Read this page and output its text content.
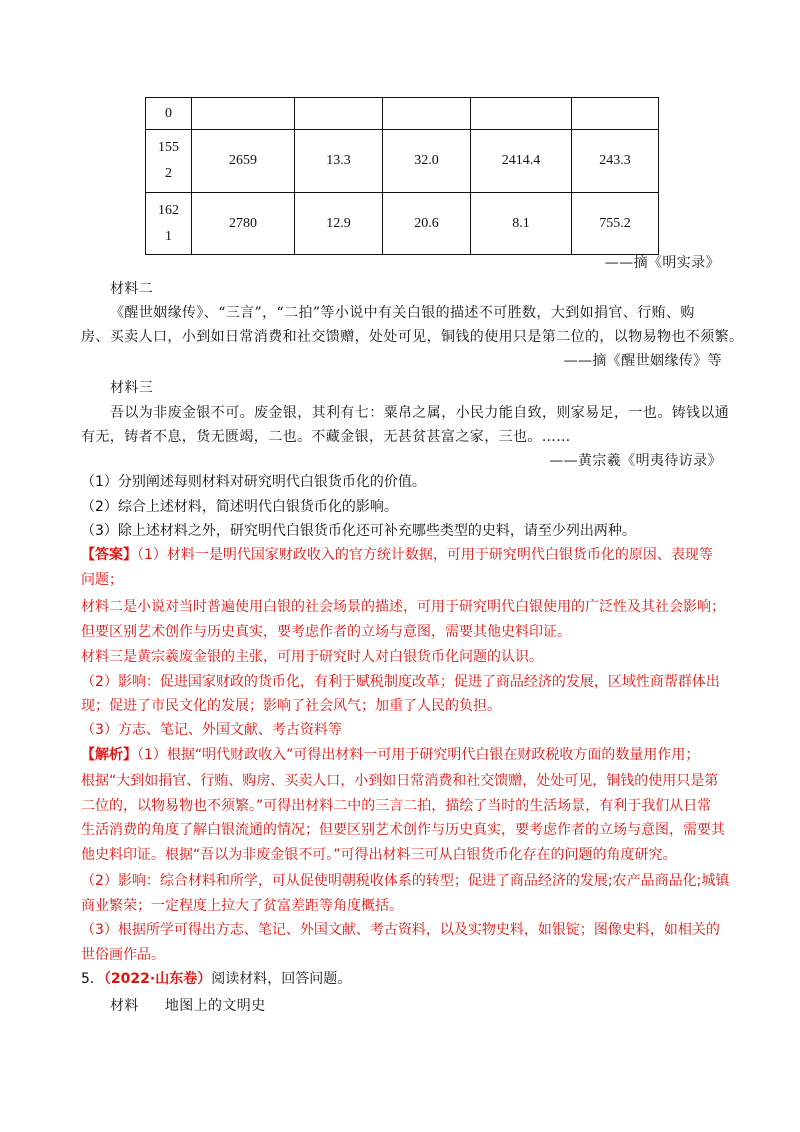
0					

155
2	2659	13.3	32.0	2414.4	243.3

162
1	2780	12.9	20.6	8.1	755.2
——摘《明实录》
材料二
《醒世姻缘传》、“三言”，“二拍”等小说中有关白银的描述不可胜数，大到如捐官、行贿、购
房、买卖人口，小到如日常消费和社交馈赠，处处可见，铜钱的使用只是第二位的，以物易物也不须繁。
——摘《醒世姻缘传》等
材料三
吾以为非废金银不可。废金银，其利有七：粟帛之属，小民力能自致，则家易足，一也。铸钱以通
有无，铸者不息，货无匮竭，二也。不藏金银，无甚贫甚富之家，三也。……
——黄宗羲《明夷待访录》
（1）分别阐述每则材料对研究明代白银货币化的价值。
（2）综合上述材料，简述明代白银货币化的影响。
（3）除上述材料之外，研究明代白银货币化还可补充哪些类型的史料，请至少列出两种。
【答案】（1）材料一是明代国家财政收入的官方统计数据，可用于研究明代白银货币化的原因、表现等
问题；
材料二是小说对当时普遍使用白银的社会场景的描述，可用于研究明代白银使用的广泛性及其社会影响；
但要区别艺术创作与历史真实，要考虑作者的立场与意图，需要其他史料印证。
材料三是黄宗羲废金银的主张，可用于研究时人对白银货币化问题的认识。
（2）影响：促进国家财政的货币化，有利于赋税制度改革；促进了商品经济的发展，区域性商帮群体出
现；促进了市民文化的发展；影响了社会风气；加重了人民的负担。
（3）方志、笔记、外国文献、考古资料等
【解析】（1）根据“明代财政收入”可得出材料一可用于研究明代白银在财政税收方面的数量用作用；
根据“大到如捐官、行贿、购房、买卖人口，小到如日常消费和社交馈赠，处处可见，铜钱的使用只是第
二位的，以物易物也不须繁。”可得出材料二中的三言二拍，描绘了当时的生活场景，有利于我们从日常
生活消费的角度了解白银流通的情况；但要区别艺术创作与历史真实，要考虑作者的立场与意图，需要其
他史料印证。根据“吾以为非废金银不可。”可得出材料三可从白银货币化存在的问题的角度研究。
（2）影响：综合材料和所学，可从促使明朝税收体系的转型；促进了商品经济的发展;农产品商品化;城镇
商业繁荣；一定程度上拉大了贫富差距等角度概括。
（3）根据所学可得出方志、笔记、外国文献、考古资料，以及实物史料，如银锭；图像史料，如相关的
世俗画作品。
5．（2022·山东卷）阅读材料，回答问题。
材料 地图上的文明史
